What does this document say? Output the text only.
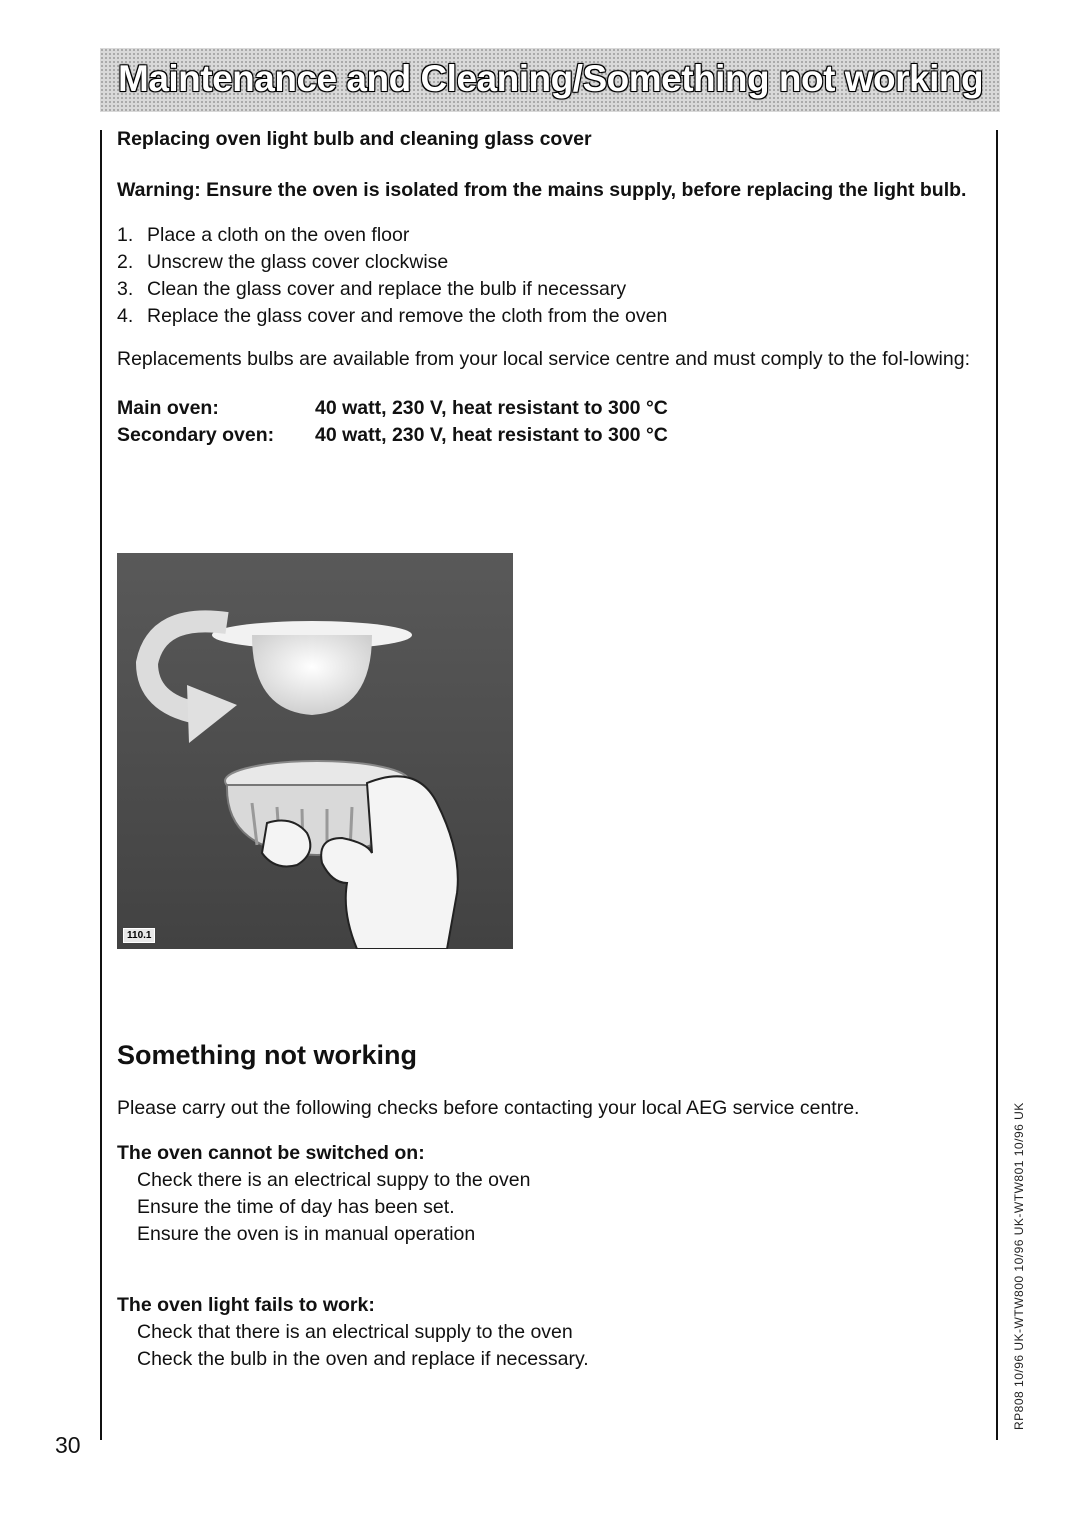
Maintenance and Cleaning/Something not working

Replacing oven light bulb and cleaning glass cover

Warning: Ensure the oven is isolated from the mains supply, before replacing the light bulb.

1. Place a cloth on the oven floor
2. Unscrew the glass cover clockwise
3. Clean the glass cover and replace the bulb if necessary
4. Replace the glass cover and remove the cloth from the oven

Replacements bulbs are available from your local service centre and must comply to the fol-lowing:

Main oven:	40 watt, 230 V, heat resistant to 300 °C
Secondary oven:	40 watt, 230 V, heat resistant to 300 °C
110.1
Something not working

Please carry out the following checks before contacting your local AEG service centre.

The oven cannot be switched on:

Check there is an electrical suppy to the oven
Ensure the time of day has been set.
Ensure the oven is in manual operation

The oven light fails to work:

Check that there is an electrical supply to the oven
Check the bulb in the oven and replace if necessary.
30
RP808 10/96 UK-WTW800 10/96 UK-WTW801 10/96 UK
